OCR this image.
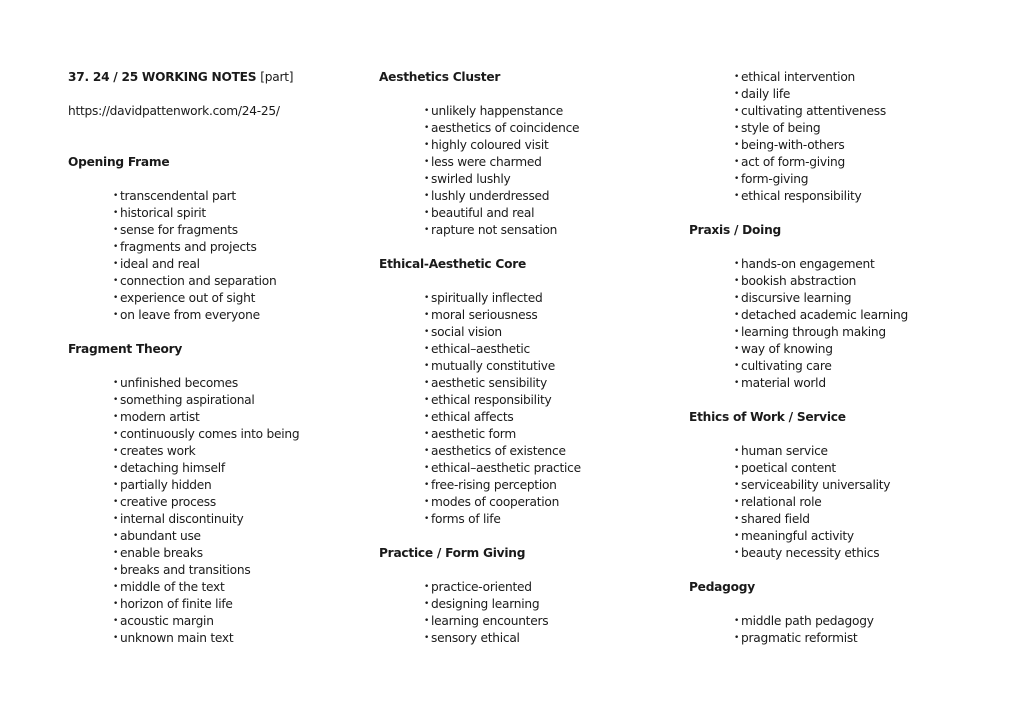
37. 24 / 25 WORKING NOTES [part]
https://davidpattenwork.com/24-25/
Opening Frame
• transcendental part
• historical spirit
• sense for fragments
• fragments and projects
• ideal and real
• connection and separation
• experience out of sight
• on leave from everyone
Fragment Theory
• unfinished becomes
• something aspirational
• modern artist
• continuously comes into being
• creates work
• detaching himself
• partially hidden
• creative process
• internal discontinuity
• abundant use
• enable breaks
• breaks and transitions
• middle of the text
• horizon of finite life
• acoustic margin
• unknown main text
Aesthetics Cluster
• unlikely happenstance
• aesthetics of coincidence
• highly coloured visit
• less were charmed
• swirled lushly
• lushly underdressed
• beautiful and real
• rapture not sensation
Ethical-Aesthetic Core
• spiritually inflected
• moral seriousness
• social vision
• ethical–aesthetic
• mutually constitutive
• aesthetic sensibility
• ethical responsibility
• ethical affects
• aesthetic form
• aesthetics of existence
• ethical–aesthetic practice
• free-rising perception
• modes of cooperation
• forms of life
Practice / Form Giving
• practice-oriented
• designing learning
• learning encounters
• sensory ethical
• ethical intervention
• daily life
• cultivating attentiveness
• style of being
• being-with-others
• act of form-giving
• form-giving
• ethical responsibility
Praxis / Doing
• hands-on engagement
• bookish abstraction
• discursive learning
• detached academic learning
• learning through making
• way of knowing
• cultivating care
• material world
Ethics of Work / Service
• human service
• poetical content
• serviceability universality
• relational role
• shared field
• meaningful activity
• beauty necessity ethics
Pedagogy
• middle path pedagogy
• pragmatic reformist
